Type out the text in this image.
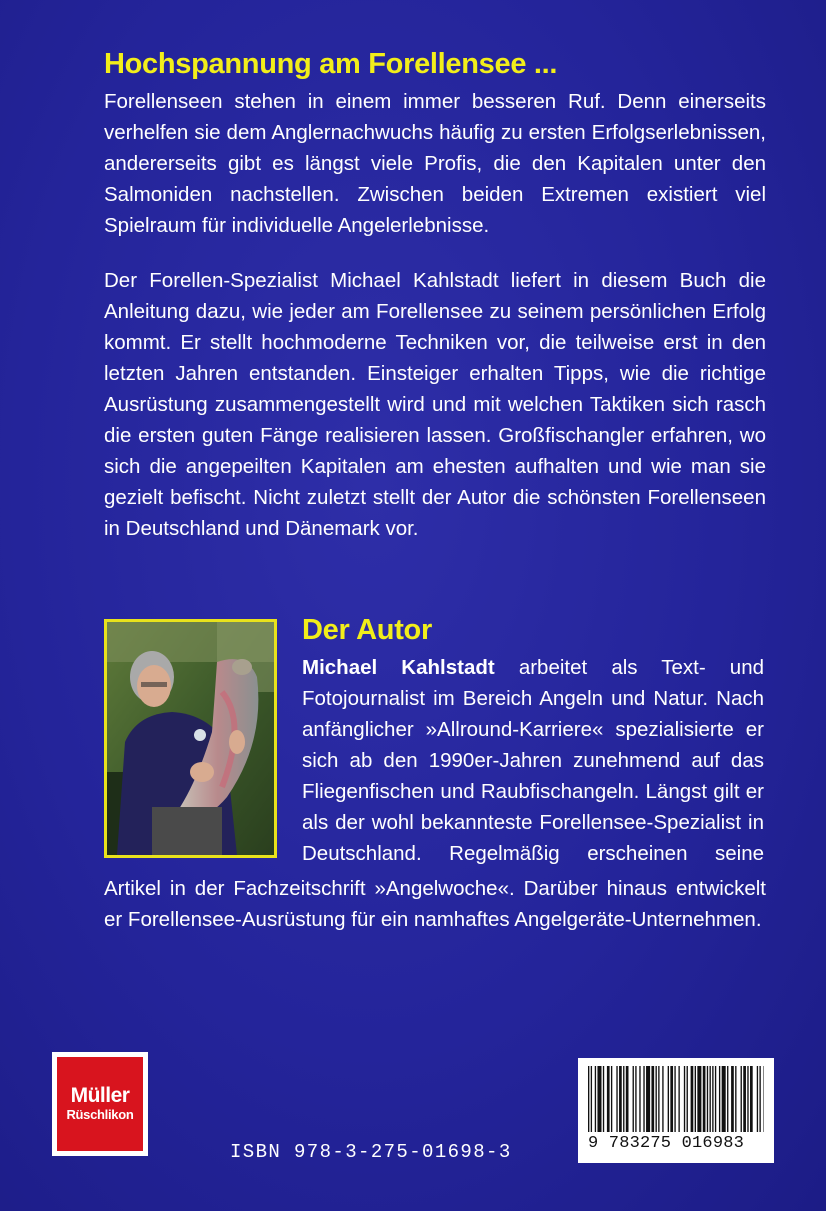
Hochspannung am Forellensee ...

Forellenseen stehen in einem immer besseren Ruf. Denn einerseits verhelfen sie dem Anglernachwuchs häufig zu ersten Erfolgserlebnissen, andererseits gibt es längst viele Profis, die den Kapitalen unter den Salmoniden nachstellen. Zwischen beiden Extremen existiert viel Spielraum für individuelle Angelerlebnisse.

Der Forellen-Spezialist Michael Kahlstadt liefert in diesem Buch die Anleitung dazu, wie jeder am Forellensee zu seinem persönlichen Erfolg kommt. Er stellt hochmoderne Techniken vor, die teilweise erst in den letzten Jahren entstanden. Einsteiger erhalten Tipps, wie die richtige Ausrüstung zusammengestellt wird und mit welchen Taktiken sich rasch die ersten guten Fänge realisieren lassen. Großfischangler erfahren, wo sich die angepeilten Kapitalen am ehesten aufhalten und wie man sie gezielt befischt. Nicht zuletzt stellt der Autor die schönsten Forellenseen in Deutschland und Dänemark vor.

Der Autor

Michael Kahlstadt arbeitet als Text- und Fotojournalist im Bereich Angeln und Natur. Nach anfänglicher »Allround-Karriere« spezialisierte er sich ab den 1990er-Jahren zunehmend auf das Fliegenfischen und Raubfischangeln. Längst gilt er als der wohl bekannteste Forellensee-Spezialist in Deutschland. Regelmäßig erscheinen seine

Artikel in der Fachzeitschrift »Angelwoche«. Darüber hinaus entwickelt er Forellensee-Ausrüstung für ein namhaftes Angelgeräte-Unternehmen.

Müller
Rüschlikon
ISBN 978-3-275-01698-3	9 783275 016983
